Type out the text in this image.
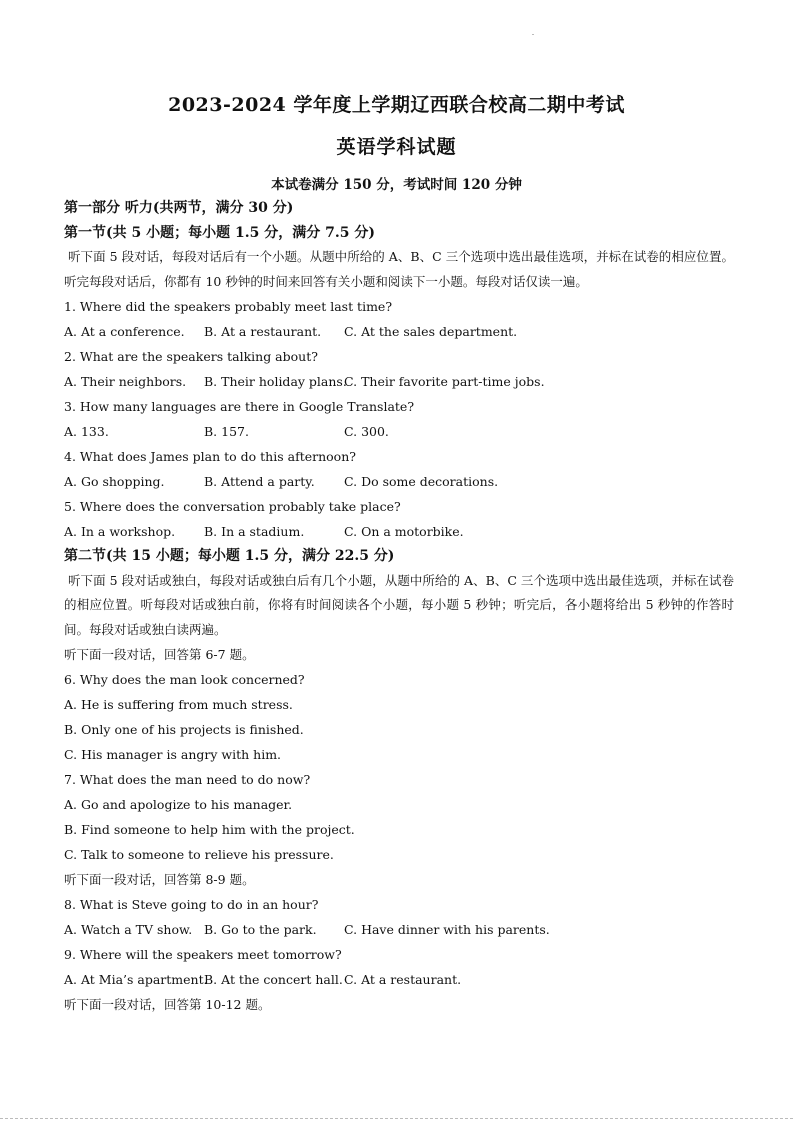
2023-2024 学年度上学期辽西联合校高二期中考试
英语学科试题
本试卷满分 150 分，考试时间 120 分钟
第一部分 听力(共两节，满分 30 分)
第一节(共 5 小题；每小题 1.5 分，满分 7.5 分)
听下面 5 段对话，每段对话后有一个小题。从题中所给的 A、B、C 三个选项中选出最佳选项，并标在试卷的相应位置。听完每段对话后，你都有 10 秒钟的时间来回答有关小题和阅读下一小题。每段对话仅读一遍。
1. Where did the speakers probably meet last time?
A. At a conference.	B. At a restaurant.	C. At the sales department.
2. What are the speakers talking about?
A. Their neighbors.	B. Their holiday plans.
C. Their favorite part-time jobs.
3. How many languages are there in Google Translate?
A. 133.	B. 157.	C. 300.
4. What does James plan to do this afternoon?
A. Go shopping.	B. Attend a party.	C. Do some decorations.
5. Where does the conversation probably take place?
A. In a workshop.	B. In a stadium.	C. On a motorbike.
第二节(共 15 小题；每小题 1.5 分，满分 22.5 分)
听下面 5 段对话或独白，每段对话或独白后有几个小题，从题中所给的 A、B、C 三个选项中选出最佳选项，并标在试卷的相应位置。听每段对话或独白前，你将有时间阅读各个小题，每小题 5 秒钟；听完后，各小题将给出 5 秒钟的作答时间。每段对话或独白读两遍。
听下面一段对话，回答第 6-7 题。
6. Why does the man look concerned?
A. He is suffering from much stress.
B. Only one of his projects is finished.
C. His manager is angry with him.
7. What does the man need to do now?
A. Go and apologize to his manager.
B. Find someone to help him with the project.
C. Talk to someone to relieve his pressure.
听下面一段对话，回答第 8-9 题。
8. What is Steve going to do in an hour?
A. Watch a TV show. B. Go to the park.	C. Have dinner with his parents.
9. Where will the speakers meet tomorrow?
A. At Mia’s apartment.
B. At the concert hall. C. At a restaurant.
听下面一段对话，回答第 10-12 题。
